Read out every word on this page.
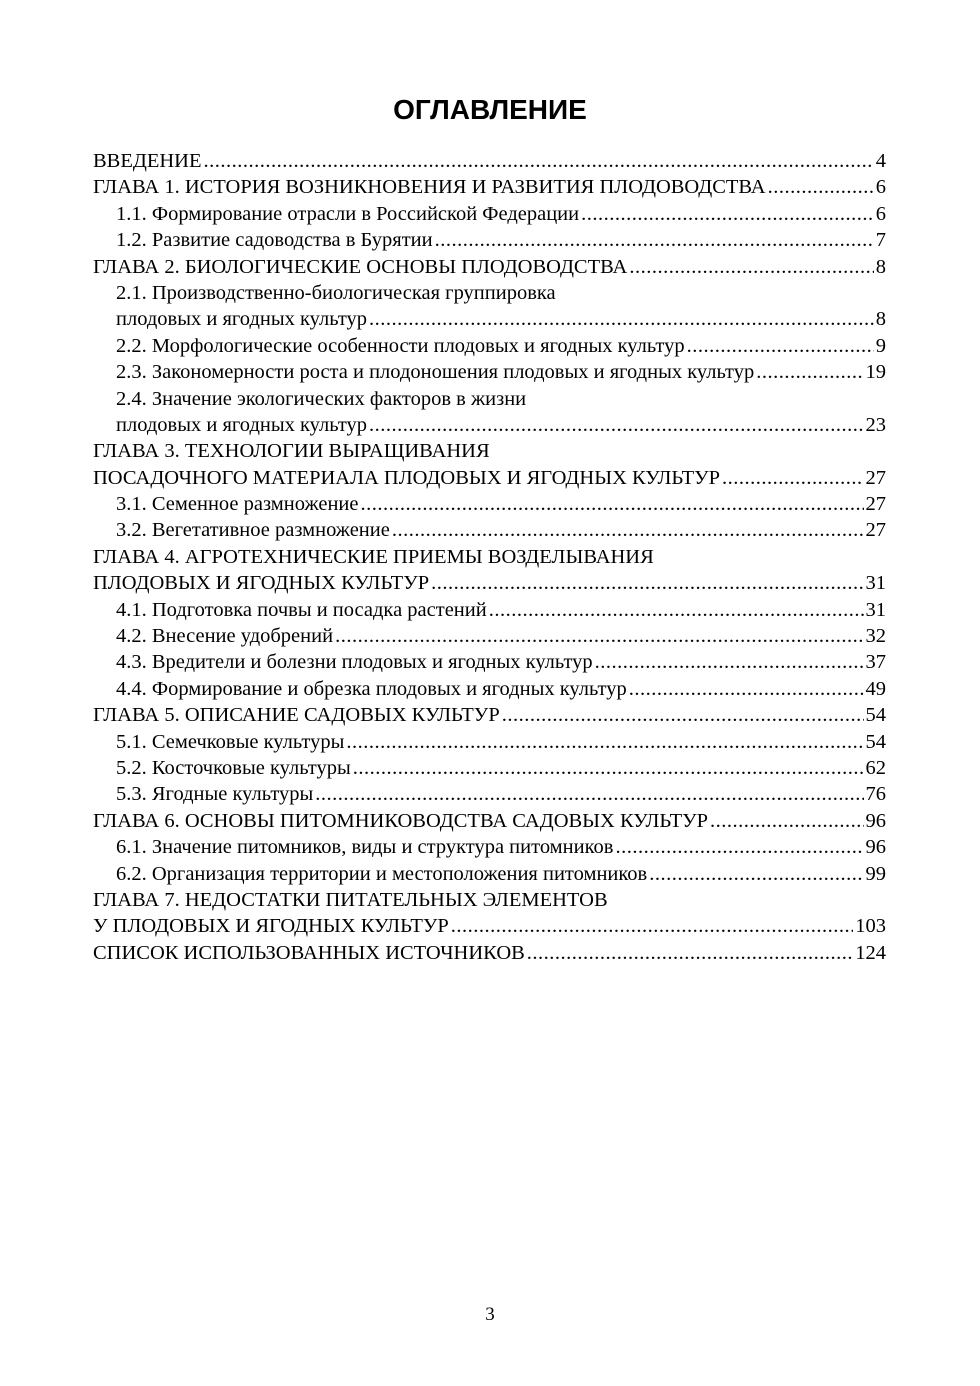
ОГЛАВЛЕНИЕ
ВВЕДЕНИЕ .....	4
ГЛАВА 1. ИСТОРИЯ ВОЗНИКНОВЕНИЯ И РАЗВИТИЯ ПЛОДОВОДСТВА .....	6
1.1. Формирование отрасли в Российской Федерации .....	6
1.2. Развитие садоводства в Бурятии .....	7
ГЛАВА 2. БИОЛОГИЧЕСКИЕ ОСНОВЫ ПЛОДОВОДСТВА .....	8
2.1. Производственно-биологическая группировка
плодовых и ягодных культур .....	8
2.2. Морфологические особенности плодовых и ягодных культур .....	9
2.3. Закономерности роста и плодоношения плодовых и ягодных культур .....	19
2.4. Значение экологических факторов в жизни
плодовых и ягодных культур .....	23
ГЛАВА 3. ТЕХНОЛОГИИ ВЫРАЩИВАНИЯ
ПОСАДОЧНОГО МАТЕРИАЛА ПЛОДОВЫХ И ЯГОДНЫХ КУЛЬТУР .....	27
3.1. Семенное размножение .....	27
3.2. Вегетативное размножение .....	27
ГЛАВА 4. АГРОТЕХНИЧЕСКИЕ ПРИЕМЫ ВОЗДЕЛЫВАНИЯ
ПЛОДОВЫХ И ЯГОДНЫХ КУЛЬТУР .....	31
4.1. Подготовка почвы и посадка растений .....	31
4.2. Внесение удобрений .....	32
4.3. Вредители и болезни плодовых и ягодных культур .....	37
4.4. Формирование и обрезка плодовых и ягодных культур .....	49
ГЛАВА 5. ОПИСАНИЕ САДОВЫХ КУЛЬТУР .....	54
5.1. Семечковые культуры .....	54
5.2. Косточковые культуры .....	62
5.3. Ягодные культуры .....	76
ГЛАВА 6. ОСНОВЫ ПИТОМНИКОВОДСТВА САДОВЫХ КУЛЬТУР .....	96
6.1. Значение питомников, виды и структура питомников .....	96
6.2. Организация территории и местоположения питомников .....	99
ГЛАВА 7. НЕДОСТАТКИ ПИТАТЕЛЬНЫХ ЭЛЕМЕНТОВ
У ПЛОДОВЫХ И ЯГОДНЫХ КУЛЬТУР .....	103
СПИСОК ИСПОЛЬЗОВАННЫХ ИСТОЧНИКОВ .....	124
3
